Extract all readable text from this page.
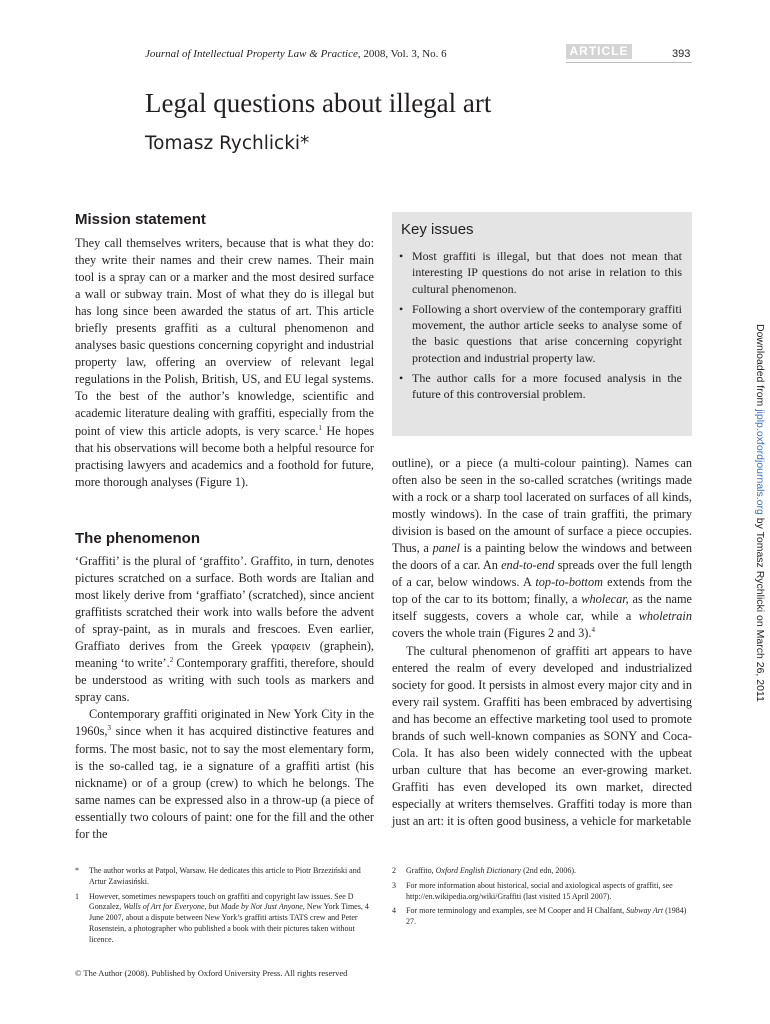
Journal of Intellectual Property Law & Practice, 2008, Vol. 3, No. 6	ARTICLE	393
Legal questions about illegal art
Tomasz Rychlicki*
Mission statement
They call themselves writers, because that is what they do: they write their names and their crew names. Their main tool is a spray can or a marker and the most desired surface a wall or subway train. Most of what they do is illegal but has long since been awarded the status of art. This article briefly presents graffiti as a cultural phenomenon and analyses basic questions concerning copyright and industrial property law, offering an overview of relevant legal regulations in the Polish, British, US, and EU legal systems. To the best of the author’s knowledge, scientific and academic literature dealing with graffiti, especially from the point of view this article adopts, is very scarce.$^1$ He hopes that his observations will become both a helpful resource for practising lawyers and academics and a foothold for future, more thorough analyses (Figure 1).
Key issues
• Most graffiti is illegal, but that does not mean that interesting IP questions do not arise in relation to this cultural phenomenon.
• Following a short overview of the contemporary graffiti movement, the author article seeks to analyse some of the basic questions that arise concerning copyright protection and industrial property law.
• The author calls for a more focused analysis in the future of this controversial problem.
The phenomenon
‘Graffiti’ is the plural of ‘graffito’. Graffito, in turn, denotes pictures scratched on a surface. Both words are Italian and most likely derive from ‘graffiato’ (scratched), since ancient graffitists scratched their work into walls before the advent of spray-paint, as in murals and frescoes. Even earlier, Graffiato derives from the Greek γραφειν (graphein), meaning ‘to write’.$^2$ Contemporary graffiti, therefore, should be understood as writing with such tools as markers and spray cans.
Contemporary graffiti originated in New York City in the 1960s,$^3$ since when it has acquired distinctive features and forms. The most basic, not to say the most elementary form, is the so-called tag, ie a signature of a graffiti artist (his nickname) or of a group (crew) to which he belongs. The same names can be expressed also in a throw-up (a piece of essentially two colours of paint: one for the fill and the other for the
outline), or a piece (a multi-colour painting). Names can often also be seen in the so-called scratches (writings made with a rock or a sharp tool lacerated on surfaces of all kinds, mostly windows). In the case of train graffiti, the primary division is based on the amount of surface a piece occupies. Thus, a panel is a painting below the windows and between the doors of a car. An end-to-end spreads over the full length of a car, below windows. A top-to-bottom extends from the top of the car to its bottom; finally, a wholecar, as the name itself suggests, covers a whole car, while a wholetrain covers the whole train (Figures 2 and 3).$^4$
The cultural phenomenon of graffiti art appears to have entered the realm of every developed and industrialized society for good. It persists in almost every major city and in every rail system. Graffiti has been embraced by advertising and has become an effective marketing tool used to promote brands of such well-known companies as SONY and Coca-Cola. It has also been widely connected with the upbeat urban culture that has become an ever-growing market. Graffiti has even developed its own market, directed especially at writers themselves. Graffiti today is more than just an art: it is often good business, a vehicle for marketable
*	The author works at Patpol, Warsaw. He dedicates this article to Piotr Brzeziński and Artur Zawiasiński.
1	However, sometimes newspapers touch on graffiti and copyright law issues. See D Gonzalez, Walls of Art for Everyone, but Made by Not Just Anyone, New York Times, 4 June 2007, about a dispute between New York’s graffiti artists TATS crew and Peter Rosenstein, a photographer who published a book with their pictures taken without licence.
2	Graffito, Oxford English Dictionary (2nd edn, 2006).
3	For more information about historical, social and axiological aspects of graffiti, see http://en.wikipedia.org/wiki/Graffiti (last visited 15 April 2007).
4	For more terminology and examples, see M Cooper and H Chalfant, Subway Art (1984) 27.
Downloaded from jiplp.oxfordjournals.org by Tomasz Rychlicki on March 26, 2011
© The Author (2008). Published by Oxford University Press. All rights reserved
